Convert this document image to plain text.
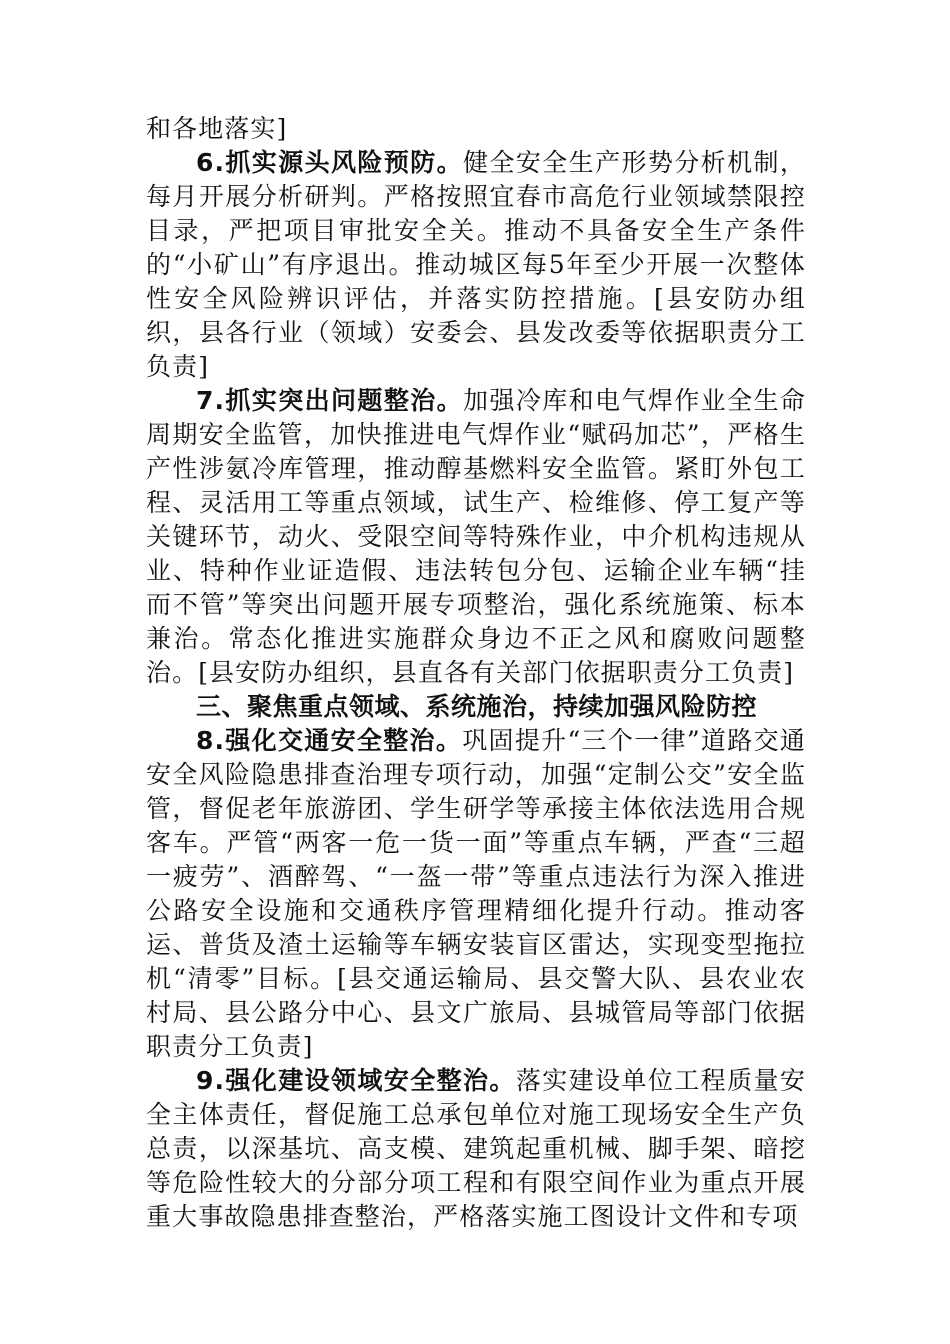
和各地落实]

6.抓实源头风险预防。健全安全生产形势分析机制，每月开展分析研判。严格按照宜春市高危行业领域禁限控目录，严把项目审批安全关。推动不具备安全生产条件的“小矿山”有序退出。推动城区每5年至少开展一次整体性安全风险辨识评估，并落实防控措施。[县安防办组织，县各行业（领域）安委会、县发改委等依据职责分工负责]

7.抓实突出问题整治。加强冷库和电气焊作业全生命周期安全监管，加快推进电气焊作业“赋码加芯”，严格生产性涉氨冷库管理，推动醇基燃料安全监管。紧盯外包工程、灵活用工等重点领域，试生产、检维修、停工复产等关键环节，动火、受限空间等特殊作业，中介机构违规从业、特种作业证造假、违法转包分包、运输企业车辆“挂而不管”等突出问题开展专项整治，强化系统施策、标本兼治。常态化推进实施群众身边不正之风和腐败问题整治。[县安防办组织，县直各有关部门依据职责分工负责]

三、聚焦重点领域、系统施治，持续加强风险防控

8.强化交通安全整治。巩固提升“三个一律”道路交通安全风险隐患排查治理专项行动，加强“定制公交”安全监管，督促老年旅游团、学生研学等承接主体依法选用合规客车。严管“两客一危一货一面”等重点车辆，严查“三超一疲劳”、酒醉驾、“一盔一带”等重点违法行为深入推进公路安全设施和交通秩序管理精细化提升行动。推动客运、普货及渣土运输等车辆安装盲区雷达，实现变型拖拉机“清零”目标。[县交通运输局、县交警大队、县农业农村局、县公路分中心、县文广旅局、县城管局等部门依据职责分工负责]

9.强化建设领域安全整治。落实建设单位工程质量安全主体责任，督促施工总承包单位对施工现场安全生产负总责，以深基坑、高支模、建筑起重机械、脚手架、暗挖等危险性较大的分部分项工程和有限空间作业为重点开展重大事故隐患排查整治，严格落实施工图设计文件和专项
